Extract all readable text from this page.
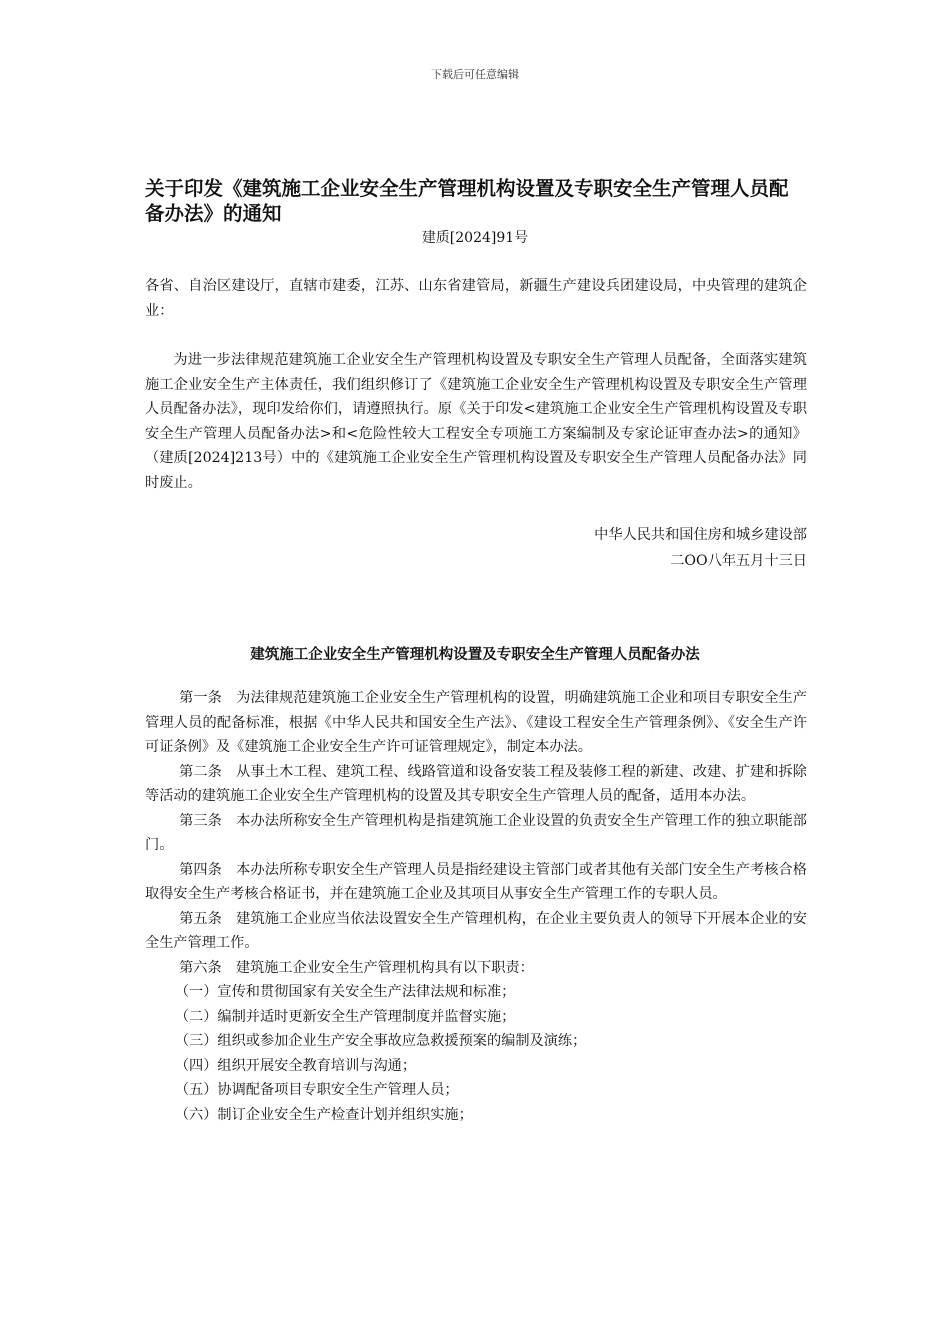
下载后可任意编辑
关于印发《建筑施工企业安全生产管理机构设置及专职安全生产管理人员配备办法》的通知
建质[2024]91号

各省、自治区建设厅，直辖市建委，江苏、山东省建管局，新疆生产建设兵团建设局，中央管理的建筑企业：

为进一步法律规范建筑施工企业安全生产管理机构设置及专职安全生产管理人员配备，全面落实建筑施工企业安全生产主体责任，我们组织修订了《建筑施工企业安全生产管理机构设置及专职安全生产管理人员配备办法》，现印发给你们，请遵照执行。原《关于印发<建筑施工企业安全生产管理机构设置及专职安全生产管理人员配备办法>和<危险性较大工程安全专项施工方案编制及专家论证审查办法>的通知》（建质[2024]213号）中的《建筑施工企业安全生产管理机构设置及专职安全生产管理人员配备办法》同时废止。

中华人民共和国住房和城乡建设部
二OO八年五月十三日
建筑施工企业安全生产管理机构设置及专职安全生产管理人员配备办法

第一条　为法律规范建筑施工企业安全生产管理机构的设置，明确建筑施工企业和项目专职安全生产管理人员的配备标准，根据《中华人民共和国安全生产法》、《建设工程安全生产管理条例》、《安全生产许可证条例》及《建筑施工企业安全生产许可证管理规定》，制定本办法。

第二条　从事土木工程、建筑工程、线路管道和设备安装工程及装修工程的新建、改建、扩建和拆除等活动的建筑施工企业安全生产管理机构的设置及其专职安全生产管理人员的配备，适用本办法。

第三条　本办法所称安全生产管理机构是指建筑施工企业设置的负责安全生产管理工作的独立职能部门。

第四条　本办法所称专职安全生产管理人员是指经建设主管部门或者其他有关部门安全生产考核合格取得安全生产考核合格证书，并在建筑施工企业及其项目从事安全生产管理工作的专职人员。

第五条　建筑施工企业应当依法设置安全生产管理机构，在企业主要负责人的领导下开展本企业的安全生产管理工作。

第六条　建筑施工企业安全生产管理机构具有以下职责：

（一）宣传和贯彻国家有关安全生产法律法规和标准；

（二）编制并适时更新安全生产管理制度并监督实施；

（三）组织或参加企业生产安全事故应急救援预案的编制及演练；

（四）组织开展安全教育培训与沟通；

（五）协调配备项目专职安全生产管理人员；

（六）制订企业安全生产检查计划并组织实施；
